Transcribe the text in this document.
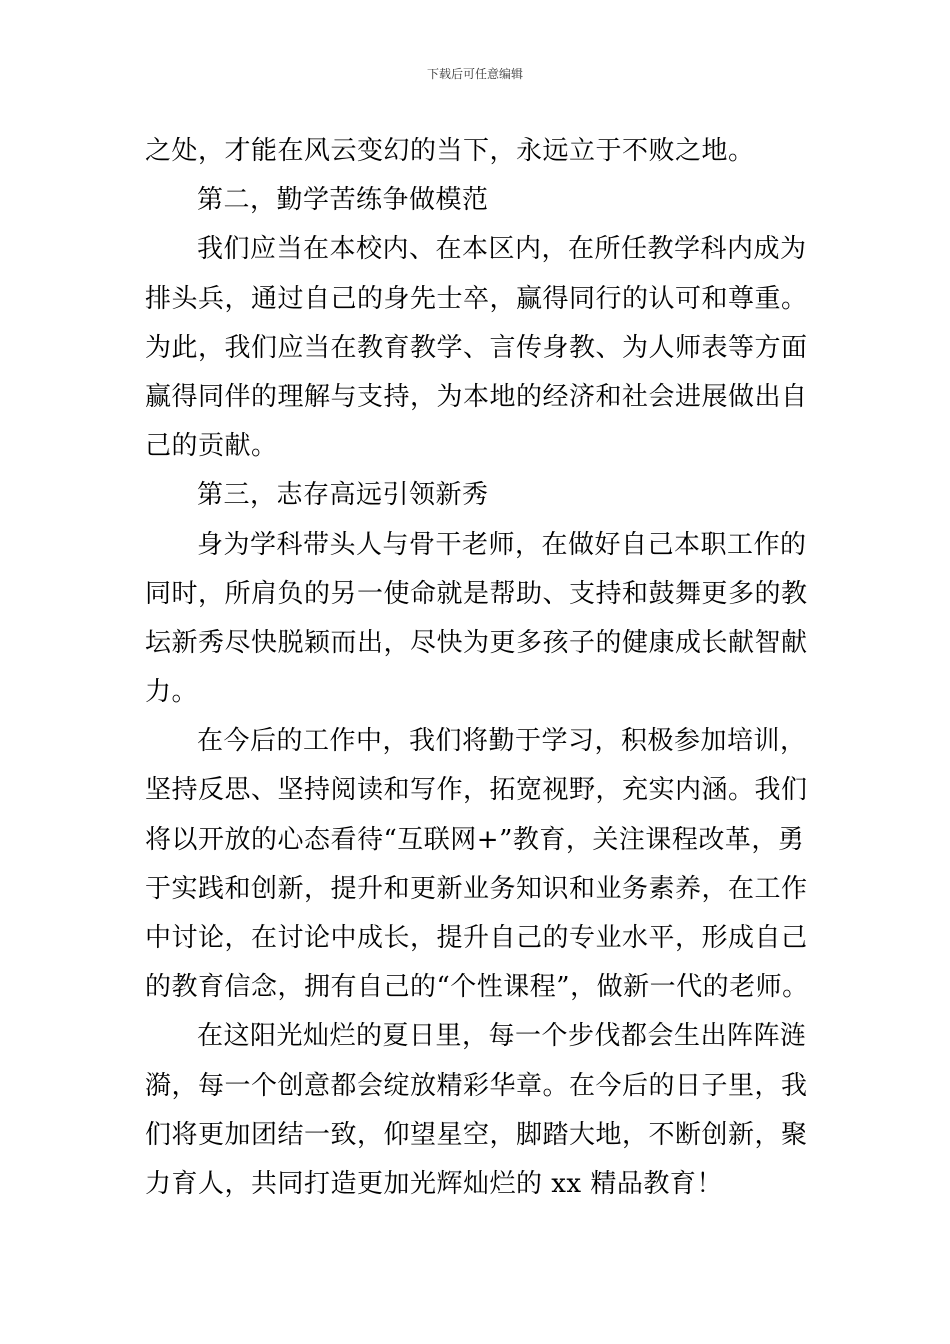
下载后可任意编辑
之处，才能在风云变幻的当下，永远立于不败之地。
第二，勤学苦练争做模范
我们应当在本校内、在本区内，在所任教学科内成为
排头兵，通过自己的身先士卒，赢得同行的认可和尊重。
为此，我们应当在教育教学、言传身教、为人师表等方面
赢得同伴的理解与支持，为本地的经济和社会进展做出自
己的贡献。
第三，志存高远引领新秀
身为学科带头人与骨干老师，在做好自己本职工作的
同时，所肩负的另一使命就是帮助、支持和鼓舞更多的教
坛新秀尽快脱颖而出，尽快为更多孩子的健康成长献智献
力。
在今后的工作中，我们将勤于学习，积极参加培训，
坚持反思、坚持阅读和写作，拓宽视野，充实内涵。我们
将以开放的心态看待“互联网+”教育，关注课程改革，勇
于实践和创新，提升和更新业务知识和业务素养，在工作
中讨论，在讨论中成长，提升自己的专业水平，形成自己
的教育信念，拥有自己的“个性课程”，做新一代的老师。
在这阳光灿烂的夏日里，每一个步伐都会生出阵阵涟
漪，每一个创意都会绽放精彩华章。在今后的日子里，我
们将更加团结一致，仰望星空，脚踏大地，不断创新，聚
力育人，共同打造更加光辉灿烂的 xx 精品教育！
